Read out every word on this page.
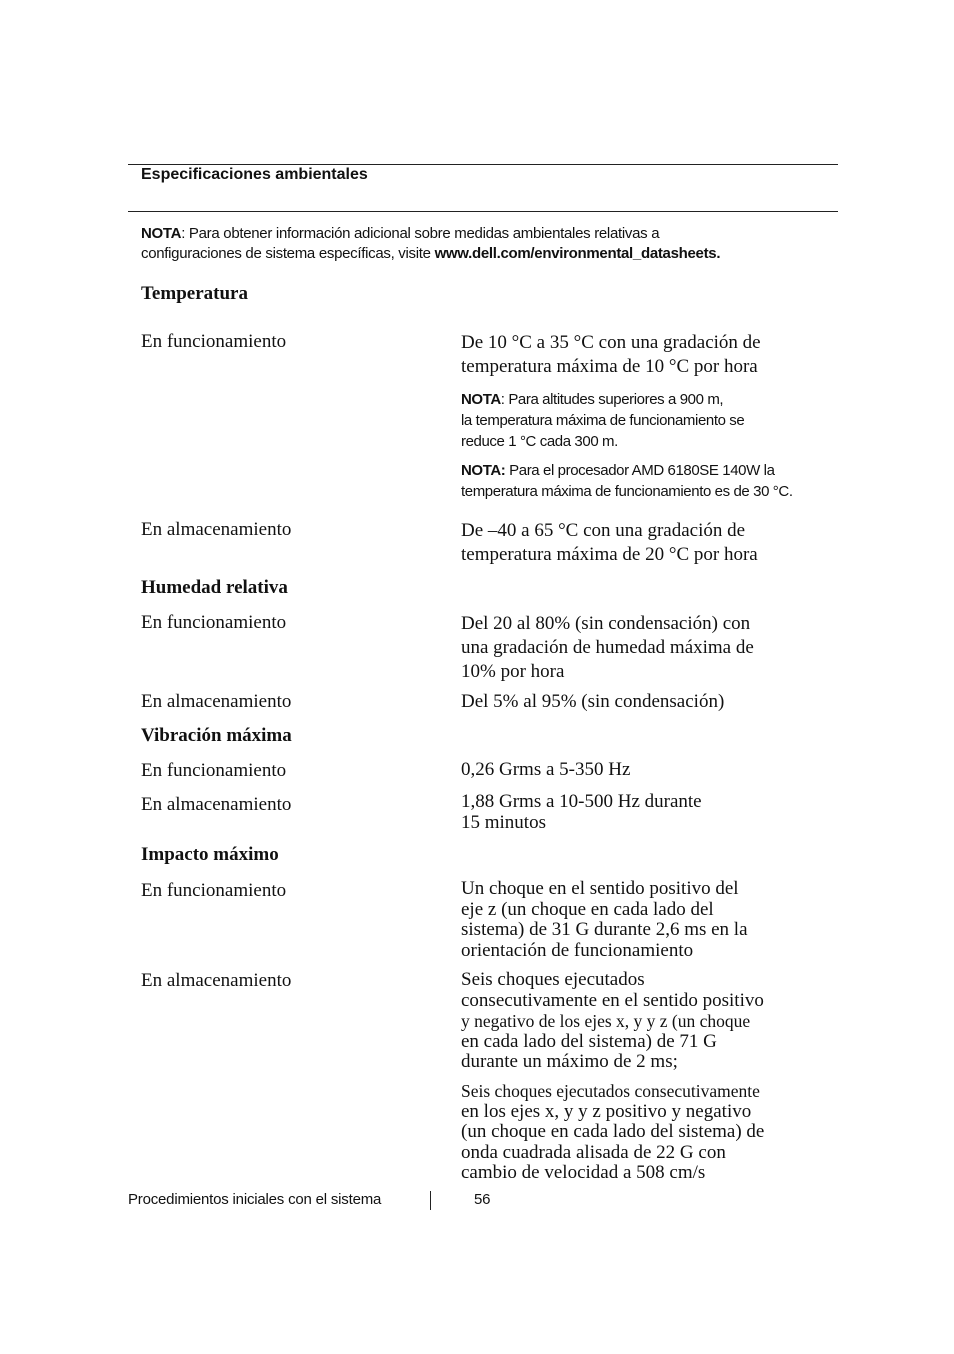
Especificaciones ambientales
NOTA: Para obtener información adicional sobre medidas ambientales relativas a
configuraciones de sistema específicas, visite www.dell.com/environmental_datasheets.
Temperatura
En funcionamiento	De 10 °C a 35 °C con una gradación de
temperatura máxima de 10 °C por hora
NOTA: Para altitudes superiores a 900 m,
la temperatura máxima de funcionamiento se
reduce 1 °C cada 300 m.
NOTA: Para el procesador AMD 6180SE 140W la
temperatura máxima de funcionamiento es de 30 °C.
En almacenamiento	De –40 a 65 °C con una gradación de
temperatura máxima de 20 °C por hora
Humedad relativa
En funcionamiento	Del 20 al 80% (sin condensación) con
una gradación de humedad máxima de
10% por hora
En almacenamiento	Del 5% al 95% (sin condensación)
Vibración máxima
En funcionamiento	0,26 Grms a 5-350 Hz
En almacenamiento	1,88 Grms a 10-500 Hz durante
15 minutos
Impacto máximo
En funcionamiento	Un choque en el sentido positivo del
eje z (un choque en cada lado del
sistema) de 31 G durante 2,6 ms en la
orientación de funcionamiento
En almacenamiento	Seis choques ejecutados
consecutivamente en el sentido positivo
y negativo de los ejes x, y y z (un choque
en cada lado del sistema) de 71 G
durante un máximo de 2 ms;
Seis choques ejecutados consecutivamente
en los ejes x, y y z positivo y negativo
(un choque en cada lado del sistema) de
onda cuadrada alisada de 22 G con
cambio de velocidad a 508 cm/s
Procedimientos iniciales con el sistema	56
